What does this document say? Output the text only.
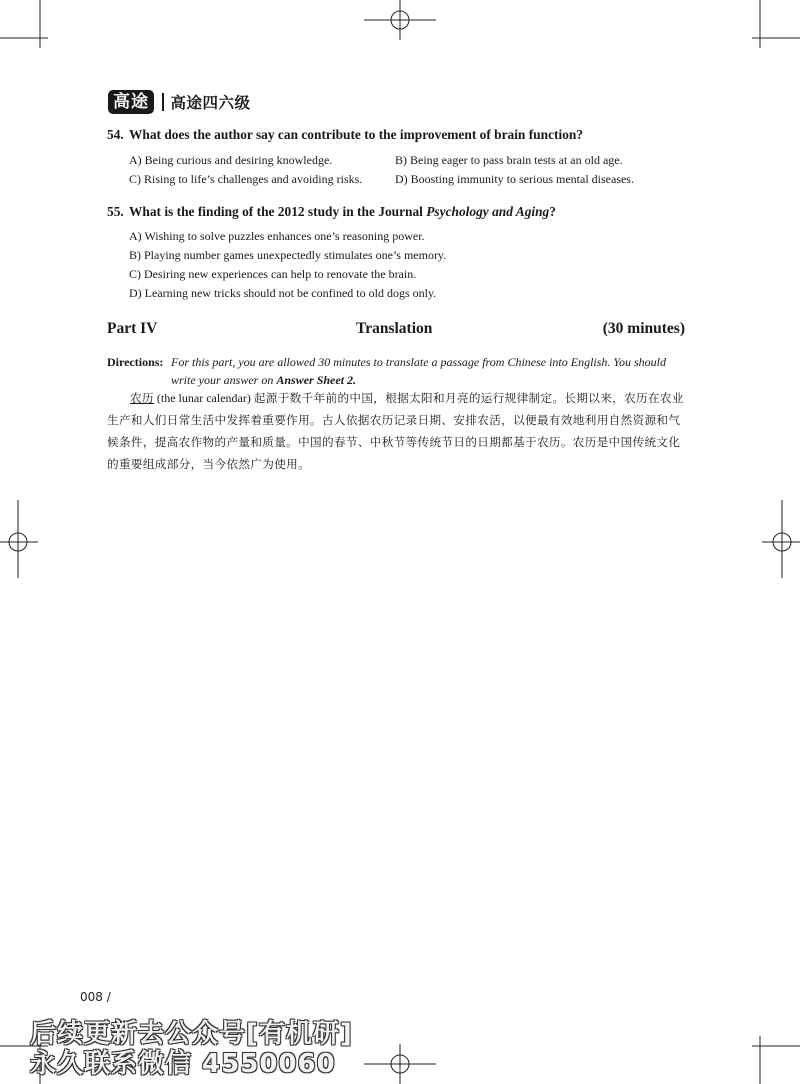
高途	高途四六级
54. What does the author say can contribute to the improvement of brain function?
A) Being curious and desiring knowledge.	B) Being eager to pass brain tests at an old age.
C) Rising to life’s challenges and avoiding risks.	D) Boosting immunity to serious mental diseases.
55. What is the finding of the 2012 study in the Journal Psychology and Aging?
A) Wishing to solve puzzles enhances one’s reasoning power.
B) Playing number games unexpectedly stimulates one’s memory.
C) Desiring new experiences can help to renovate the brain.
D) Learning new tricks should not be confined to old dogs only.
Part IV	Translation	(30 minutes)
Directions: For this part, you are allowed 30 minutes to translate a passage from Chinese into English. You should
write your answer on Answer Sheet 2.
农历 (the lunar calendar) 起源于数千年前的中国，根据太阳和月亮的运行规律制定。长期以来，农历在农业
生产和人们日常生活中发挥着重要作用。古人依据农历记录日期、安排农活，以便最有效地利用自然资源和气
候条件，提高农作物的产量和质量。中国的春节、中秋节等传统节日的日期都基于农历。农历是中国传统文化
的重要组成部分，当今依然广为使用。
008 /
后续更新去公众号[有机研]
永久联系微信 4550060
